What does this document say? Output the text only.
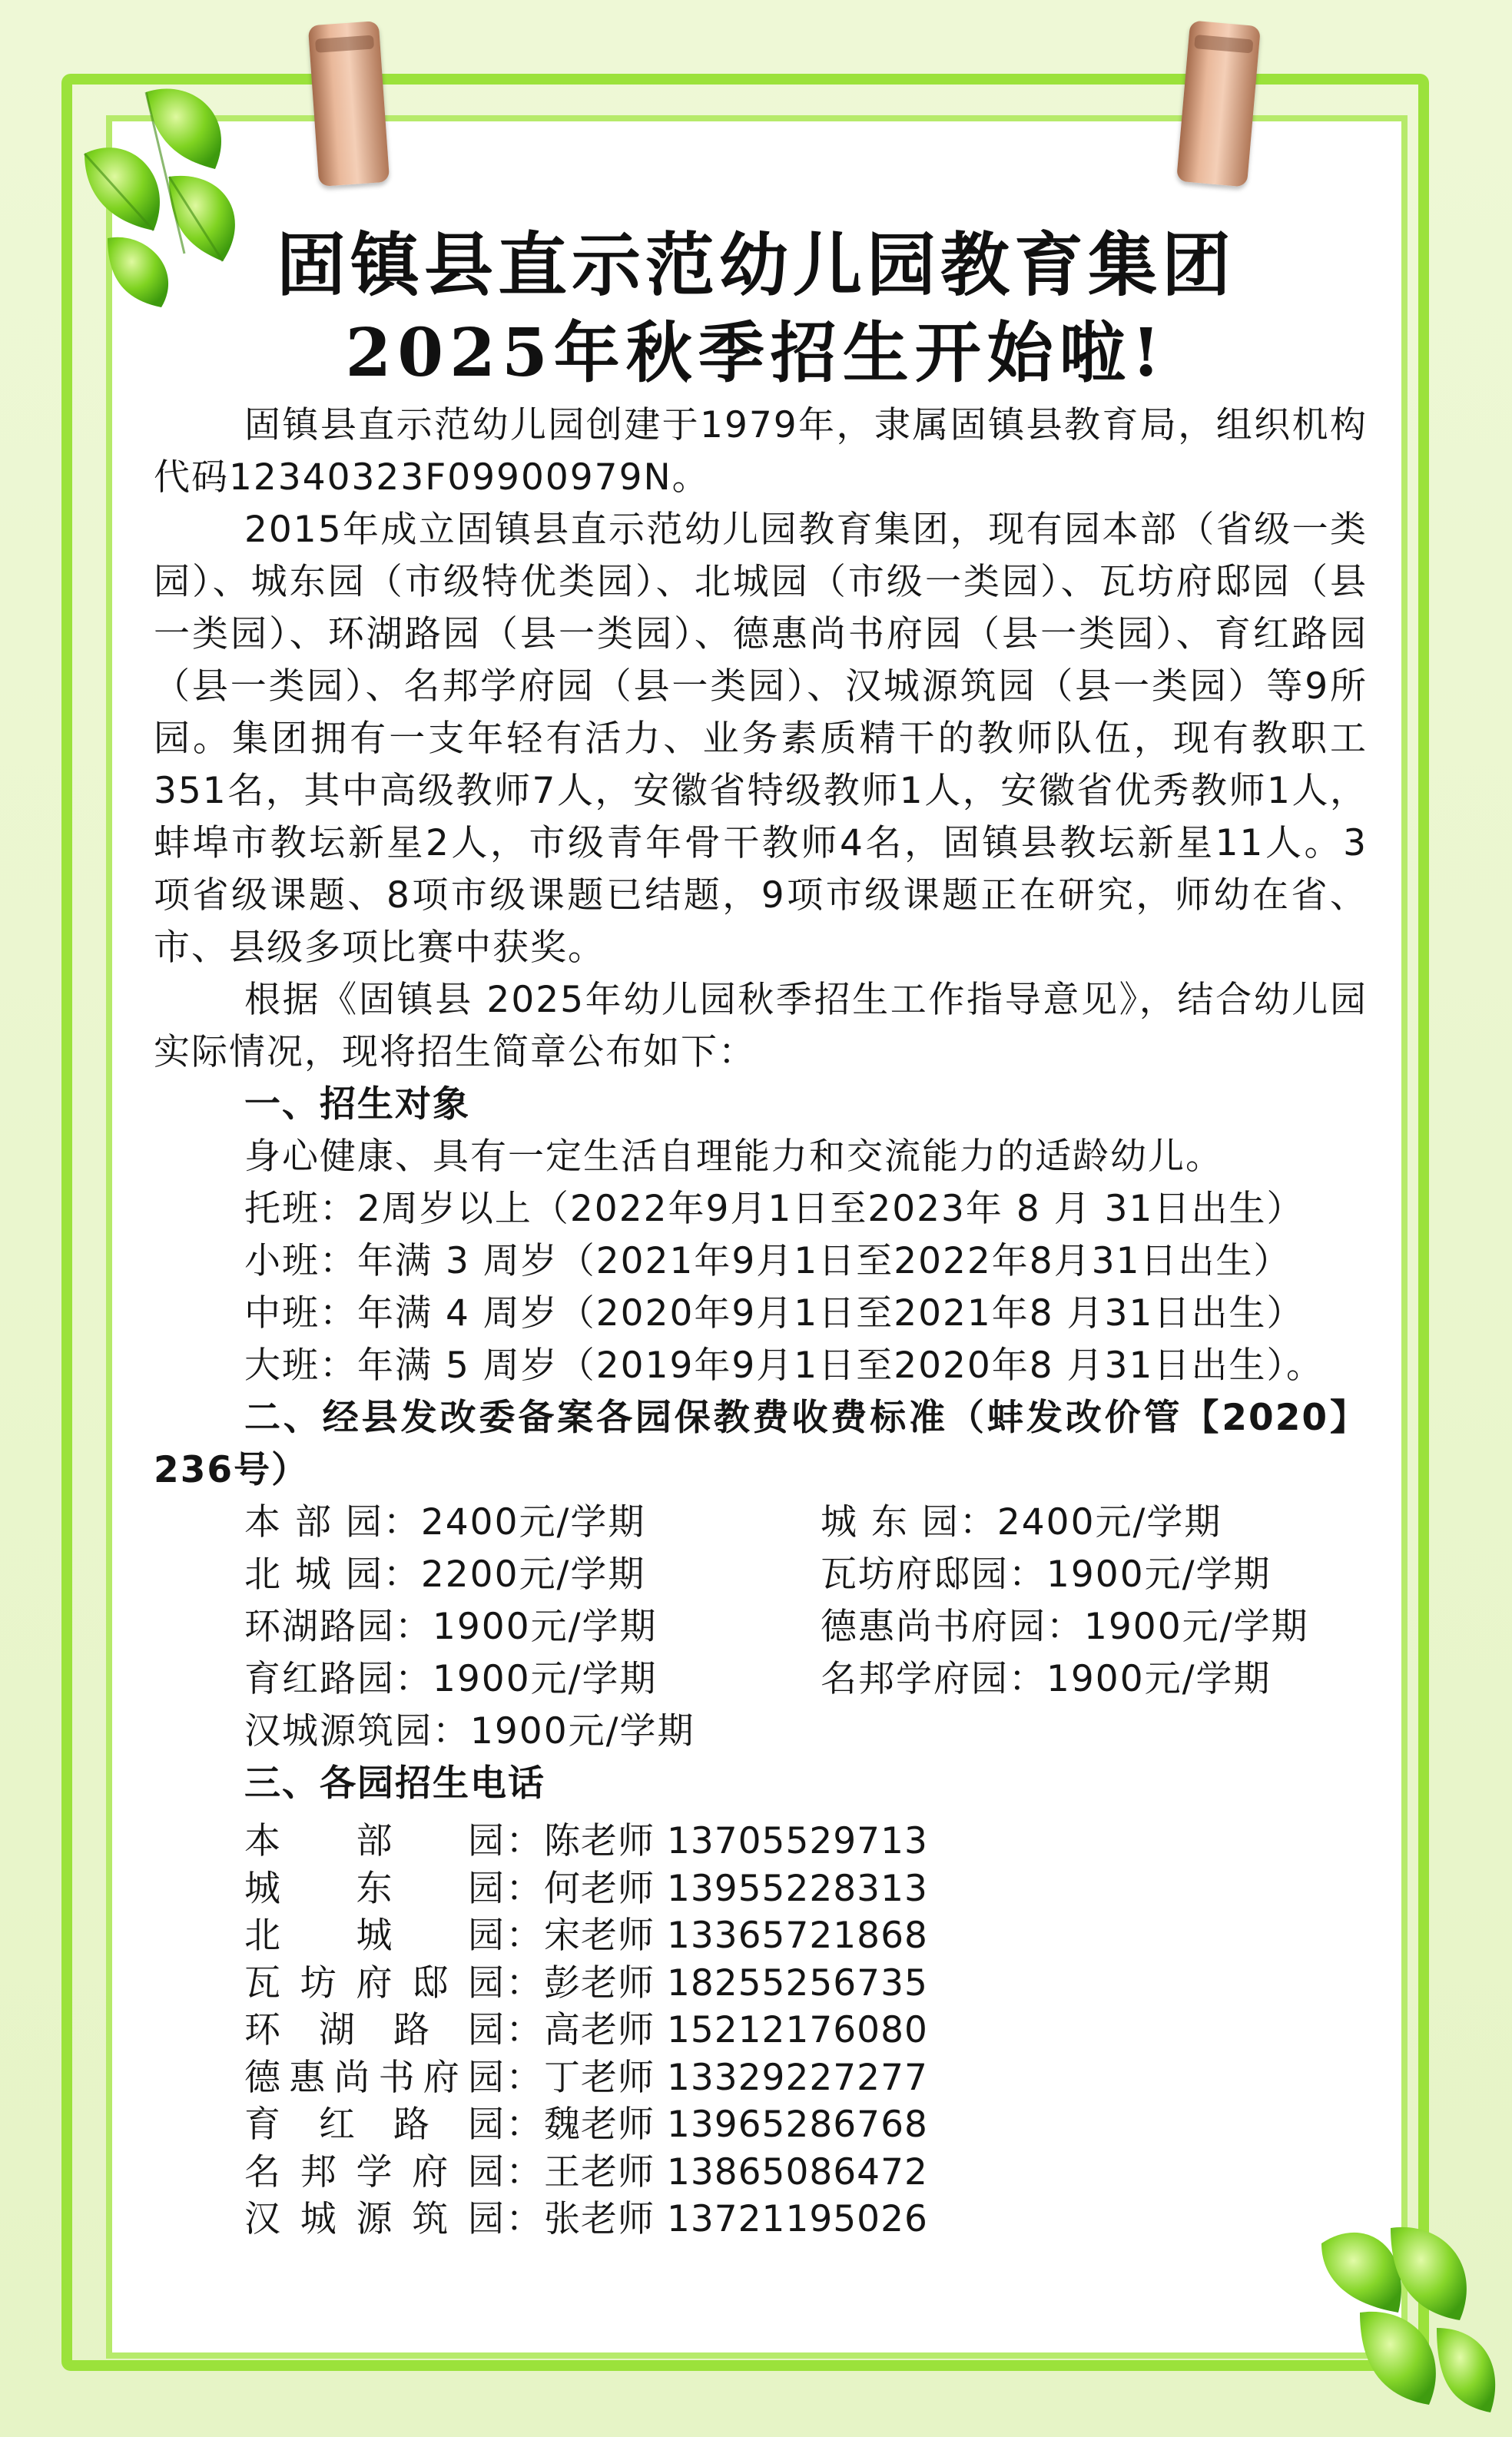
固镇县直示范幼儿园教育集团
2025年秋季招生开始啦!

固镇县直示范幼儿园创建于1979年，隶属固镇县教育局，组织机构代码12340323F09900979N。

2015年成立固镇县直示范幼儿园教育集团，现有园本部（省级一类园）、城东园（市级特优类园）、北城园（市级一类园）、瓦坊府邸园（县一类园）、环湖路园（县一类园）、德惠尚书府园（县一类园）、育红路园（县一类园）、名邦学府园（县一类园）、汉城源筑园（县一类园）等9所园。集团拥有一支年轻有活力、业务素质精干的教师队伍，现有教职工351名，其中高级教师7人，安徽省特级教师1人，安徽省优秀教师1人，蚌埠市教坛新星2人，市级青年骨干教师4名，固镇县教坛新星11人。3项省级课题、8项市级课题已结题，9项市级课题正在研究，师幼在省、市、县级多项比赛中获奖。

根据《固镇县 2025年幼儿园秋季招生工作指导意见》，结合幼儿园实际情况，现将招生简章公布如下：

一、招生对象
身心健康、具有一定生活自理能力和交流能力的适龄幼儿。
托班：2周岁以上（2022年9月1日至2023年 8 月 31日出生）
小班：年满 3 周岁（2021年9月1日至2022年8月31日出生）
中班：年满 4 周岁（2020年9月1日至2021年8 月31日出生）
大班：年满 5 周岁（2019年9月1日至2020年8 月31日出生）。
二、经县发改委备案各园保教费收费标准（蚌发改价管【2020】236号）
本 部 园：2400元/学期	城 东 园：2400元/学期
北 城 园：2200元/学期	瓦坊府邸园：1900元/学期
环湖路园：1900元/学期	德惠尚书府园：1900元/学期
育红路园：1900元/学期	名邦学府园：1900元/学期
汉城源筑园：1900元/学期
三、各园招生电话
本 部 园 ： 陈老师 13705529713
城 东 园 ： 何老师 13955228313
北 城 园 ： 宋老师 13365721868
瓦 坊 府 邸 园 ： 彭老师 18255256735
环 湖 路 园 ： 高老师 15212176080
德 惠 尚 书 府 园 ： 丁老师 13329227277
育 红 路 园 ： 魏老师 13965286768
名 邦 学 府 园 ： 王老师 13865086472
汉 城 源 筑 园 ： 张老师 13721195026
